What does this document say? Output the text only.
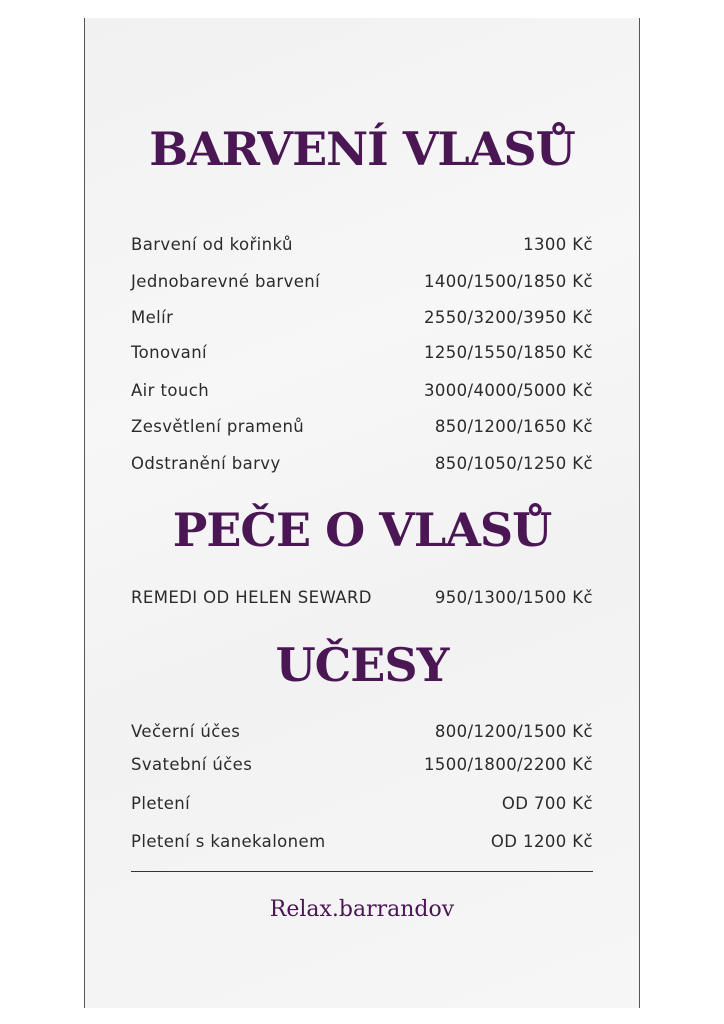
BARVENÍ VLASŮ
Barvení od kořinků	1300 Kč
Jednobarevné barvení	1400/1500/1850 Kč
Melír	2550/3200/3950 Kč
Tonovaní	1250/1550/1850 Kč
Air touch	3000/4000/5000 Kč
Zesvětlení pramenů	850/1200/1650 Kč
Odstranění barvy	850/1050/1250 Kč
PEČE O VLASŮ
REMEDI OD HELEN SEWARD	950/1300/1500 Kč
UČESY
Večerní účes	800/1200/1500 Kč
Svatební účes	1500/1800/2200 Kč
Pletení	OD 700 Kč
Pletení s kanekalonem	OD 1200 Kč
Relax.barrandov
